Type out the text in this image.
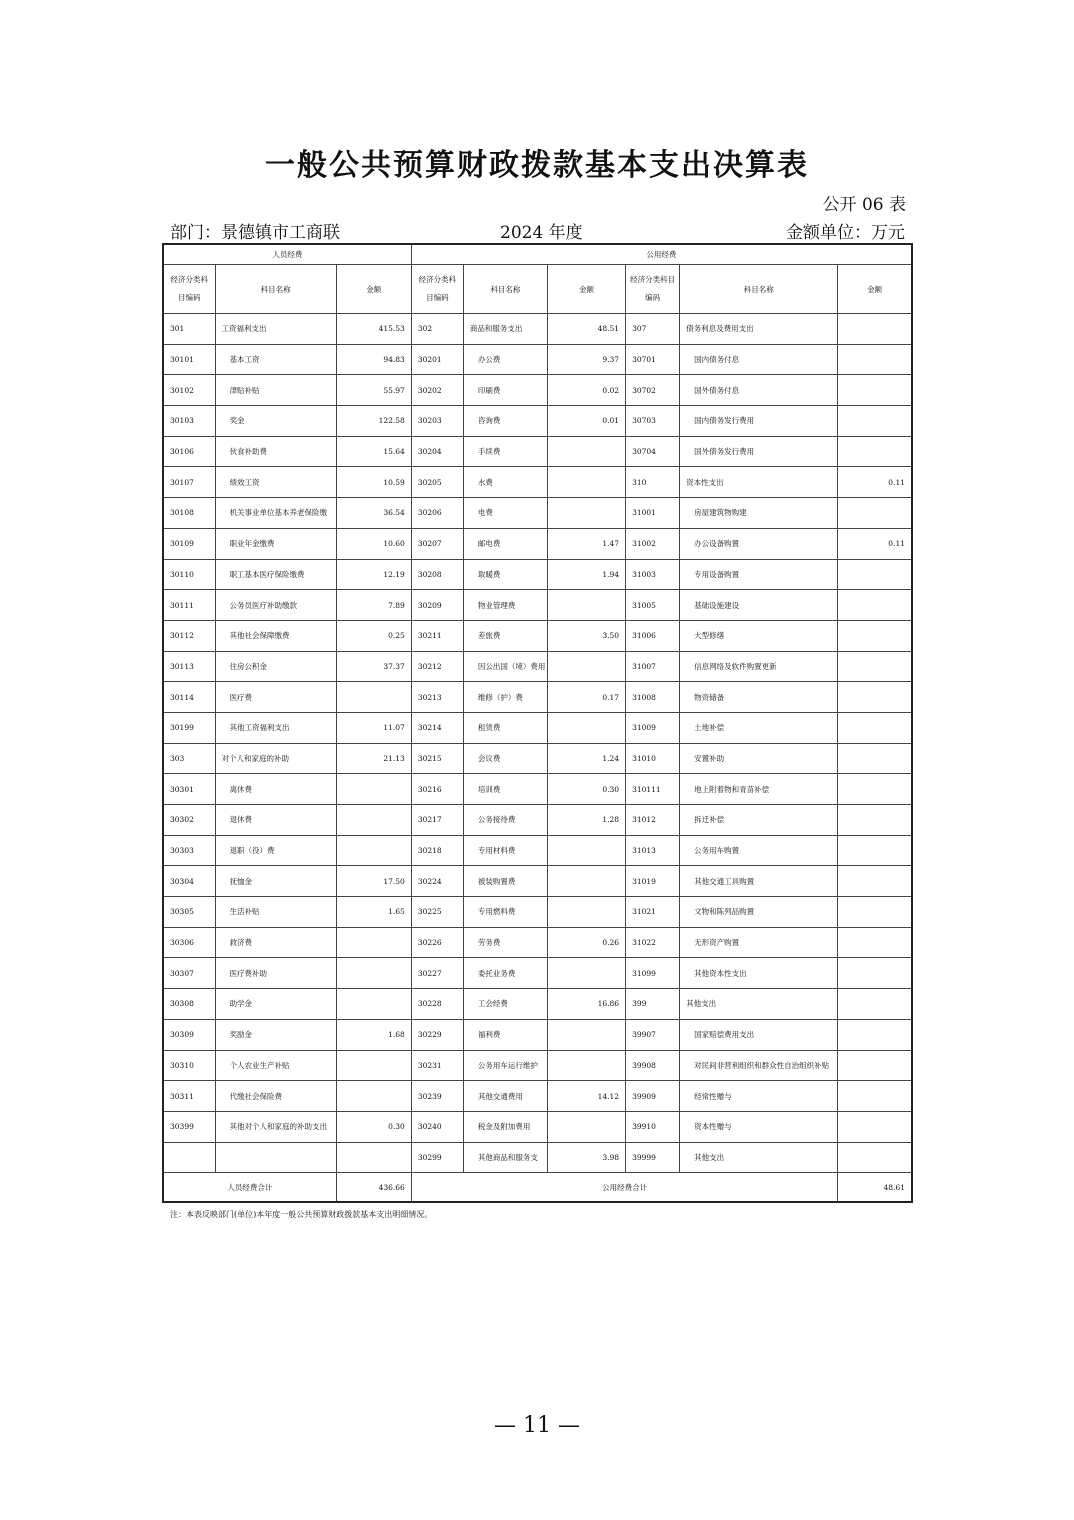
一般公共预算财政拨款基本支出决算表
公开 06 表
部门：景德镇市工商联	2024 年度	金额单位：万元
人员经费			公用经费					
经济分类科目编码	科目名称	金额	经济分类科目编码	科目名称	金额	经济分类科目编码	科目名称	金额
301	工资福利支出	415.53	302	商品和服务支出	48.51	307	债务利息及费用支出	
30101	基本工资	94.83	30201	办公费	9.37	30701	国内债务付息	
30102	津贴补贴	55.97	30202	印刷费	0.02	30702	国外债务付息	
30103	奖金	122.58	30203	咨询费	0.01	30703	国内债务发行费用	
30106	伙食补助费	15.64	30204	手续费		30704	国外债务发行费用	
30107	绩效工资	10.59	30205	水费		310	资本性支出	0.11
30108	机关事业单位基本养老保险缴	36.54	30206	电费		31001	房屋建筑物购建	
30109	职业年金缴费	10.60	30207	邮电费	1.47	31002	办公设备购置	0.11
30110	职工基本医疗保险缴费	12.19	30208	取暖费	1.94	31003	专用设备购置	
30111	公务员医疗补助缴款	7.89	30209	物业管理费		31005	基础设施建设	
30112	其他社会保障缴费	0.25	30211	差旅费	3.50	31006	大型修缮	
30113	住房公积金	37.37	30212	因公出国（境）费用		31007	信息网络及软件购置更新	
30114	医疗费		30213	维修（护）费	0.17	31008	物资储备	
30199	其他工资福利支出	11.07	30214	租赁费		31009	土地补偿	
303	对个人和家庭的补助	21.13	30215	会议费	1.24	31010	安置补助	
30301	离休费		30216	培训费	0.30	310111	地上附着物和青苗补偿	
30302	退休费		30217	公务接待费	1.28	31012	拆迁补偿	
30303	退职（役）费		30218	专用材料费		31013	公务用车购置	
30304	抚恤金	17.50	30224	被装购置费		31019	其他交通工具购置	
30305	生活补贴	1.65	30225	专用燃料费		31021	文物和陈列品购置	
30306	救济费		30226	劳务费	0.26	31022	无形资产购置	
30307	医疗费补助		30227	委托业务费		31099	其他资本性支出	
30308	助学金		30228	工会经费	16.86	399	其他支出	
30309	奖励金	1.68	30229	福利费		39907	国家赔偿费用支出	
30310	个人农业生产补贴		30231	公务用车运行维护		39908	对民间非营利组织和群众性自治组织补贴	
30311	代缴社会保险费		30239	其他交通费用	14.12	39909	经常性赠与	
30399	其他对个人和家庭的补助支出	0.30	30240	税金及附加费用		39910	资本性赠与	
			30299	其他商品和服务支	3.98	39999	其他支出	
人员经费合计		436.66	公用经费合计					48.61
注：本表反映部门(单位)本年度一般公共预算财政拨款基本支出明细情况。
— 11 —
